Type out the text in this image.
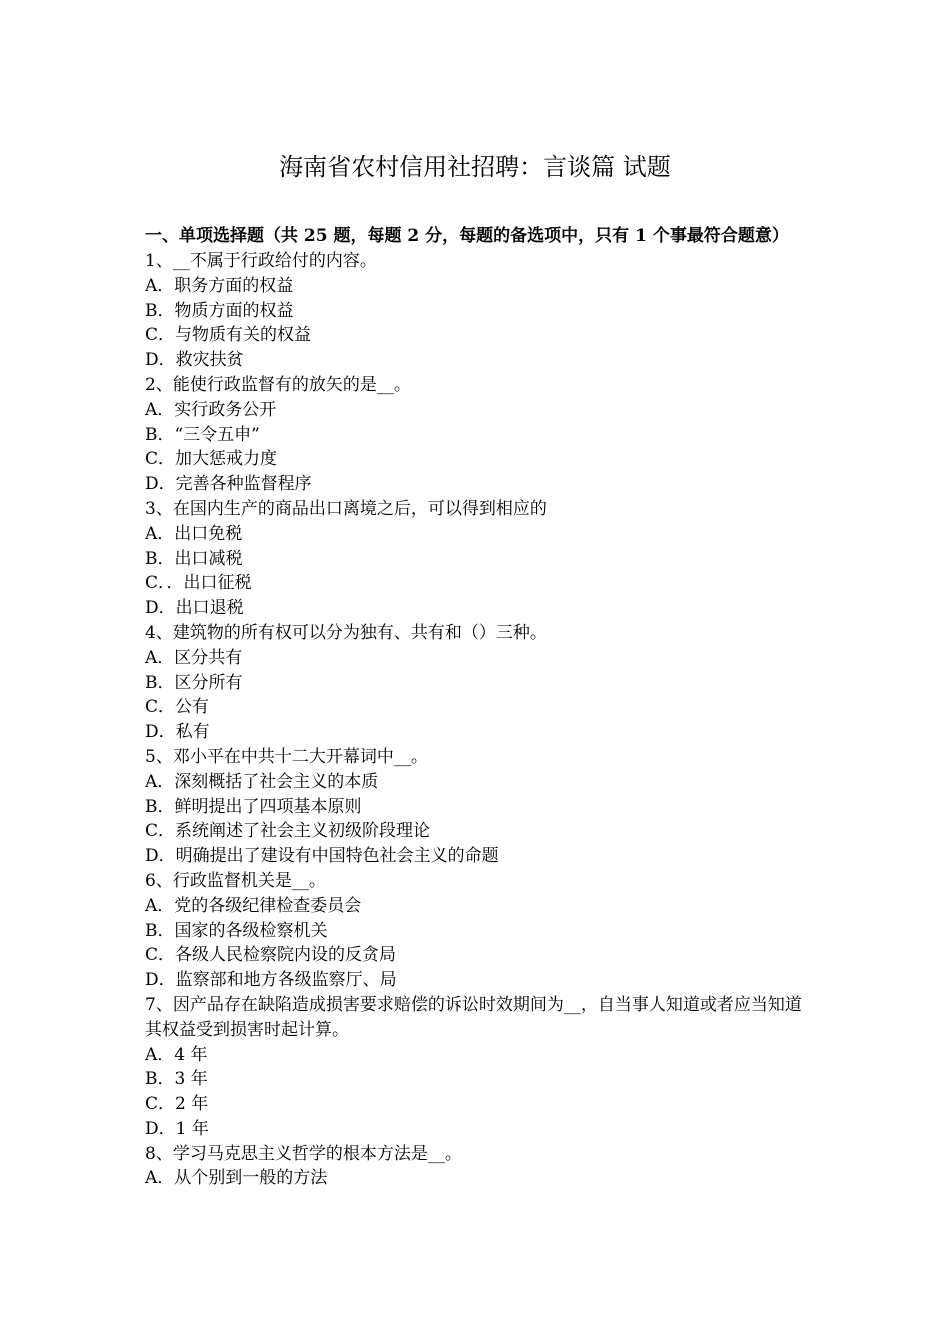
海南省农村信用社招聘：言谈篇 试题

一、单项选择题（共 25 题，每题 2 分，每题的备选项中，只有 1 个事最符合题意）

1、__不属于行政给付的内容。

A．职务方面的权益

B．物质方面的权益

C．与物质有关的权益

D．救灾扶贫

2、能使行政监督有的放矢的是__。

A．实行政务公开

B．“三令五申”

C．加大惩戒力度

D．完善各种监督程序

3、在国内生产的商品出口离境之后，可以得到相应的

A．出口免税

B．出口减税

C．．出口征税

D．出口退税

4、建筑物的所有权可以分为独有、共有和（）三种。

A．区分共有

B．区分所有

C．公有

D．私有

5、邓小平在中共十二大开幕词中__。

A．深刻概括了社会主义的本质

B．鲜明提出了四项基本原则

C．系统阐述了社会主义初级阶段理论

D．明确提出了建设有中国特色社会主义的命题

6、行政监督机关是__。

A．党的各级纪律检查委员会

B．国家的各级检察机关

C．各级人民检察院内设的反贪局

D．监察部和地方各级监察厅、局

7、因产品存在缺陷造成损害要求赔偿的诉讼时效期间为__，自当事人知道或者应当知道其权益受到损害时起计算。

A．4 年

B．3 年

C．2 年

D．1 年

8、学习马克思主义哲学的根本方法是__。

A．从个别到一般的方法
